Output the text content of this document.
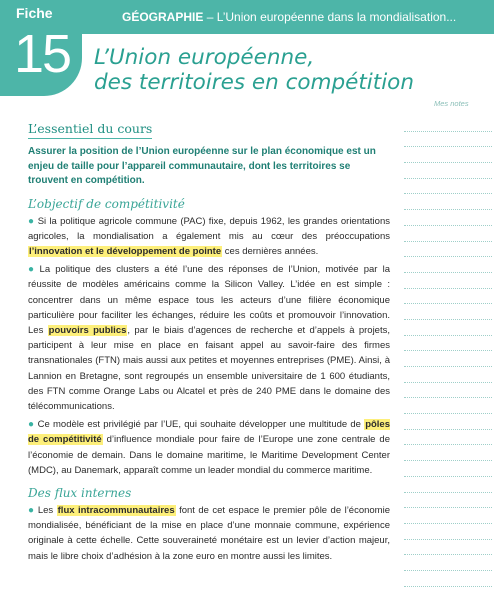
Fiche
15
GÉOGRAPHIE – L’Union européenne dans la mondialisation...
L’Union européenne,
des territoires en compétition
Mes notes
L’essentiel du cours
Assurer la position de l’Union européenne sur le plan économique est un enjeu de taille pour l’appareil communautaire, dont les territoires se trouvent en compétition.
L’objectif de compétitivité

● Si la politique agricole commune (PAC) fixe, depuis 1962, les grandes orientations agricoles, la mondialisation a également mis au cœur des préoccupations l’innovation et le développement de pointe ces dernières années.

● La politique des clusters a été l’une des réponses de l’Union, motivée par la réussite de modèles américains comme la Silicon Valley. L’idée en est simple : concentrer dans un même espace tous les acteurs d’une filière économique particulière pour faciliter les échanges, réduire les coûts et promouvoir l’innovation. Les pouvoirs publics, par le biais d’agences de recherche et d’appels à projets, participent à leur mise en place en faisant appel au savoir-faire des firmes transnationales (FTN) mais aussi aux petites et moyennes entreprises (PME). Ainsi, à Lannion en Bretagne, sont regroupés un ensemble universitaire de 1 600 étudiants, des FTN comme Orange Labs ou Alcatel et près de 240 PME dans le domaine des télécommunications.

● Ce modèle est privilégié par l’UE, qui souhaite développer une multitude de pôles de compétitivité d’influence mondiale pour faire de l’Europe une zone centrale de l’économie de demain. Dans le domaine maritime, le Maritime Development Center (MDC), au Danemark, apparaît comme un leader mondial du commerce maritime.

Des flux internes

● Les flux intracommunautaires font de cet espace le premier pôle de l’économie mondialisée, bénéficiant de la mise en place d’une monnaie commune, expérience originale à cette échelle. Cette souveraineté monétaire est un levier d’action majeur, mais le libre choix d’adhésion à la zone euro en montre aussi les limites.
